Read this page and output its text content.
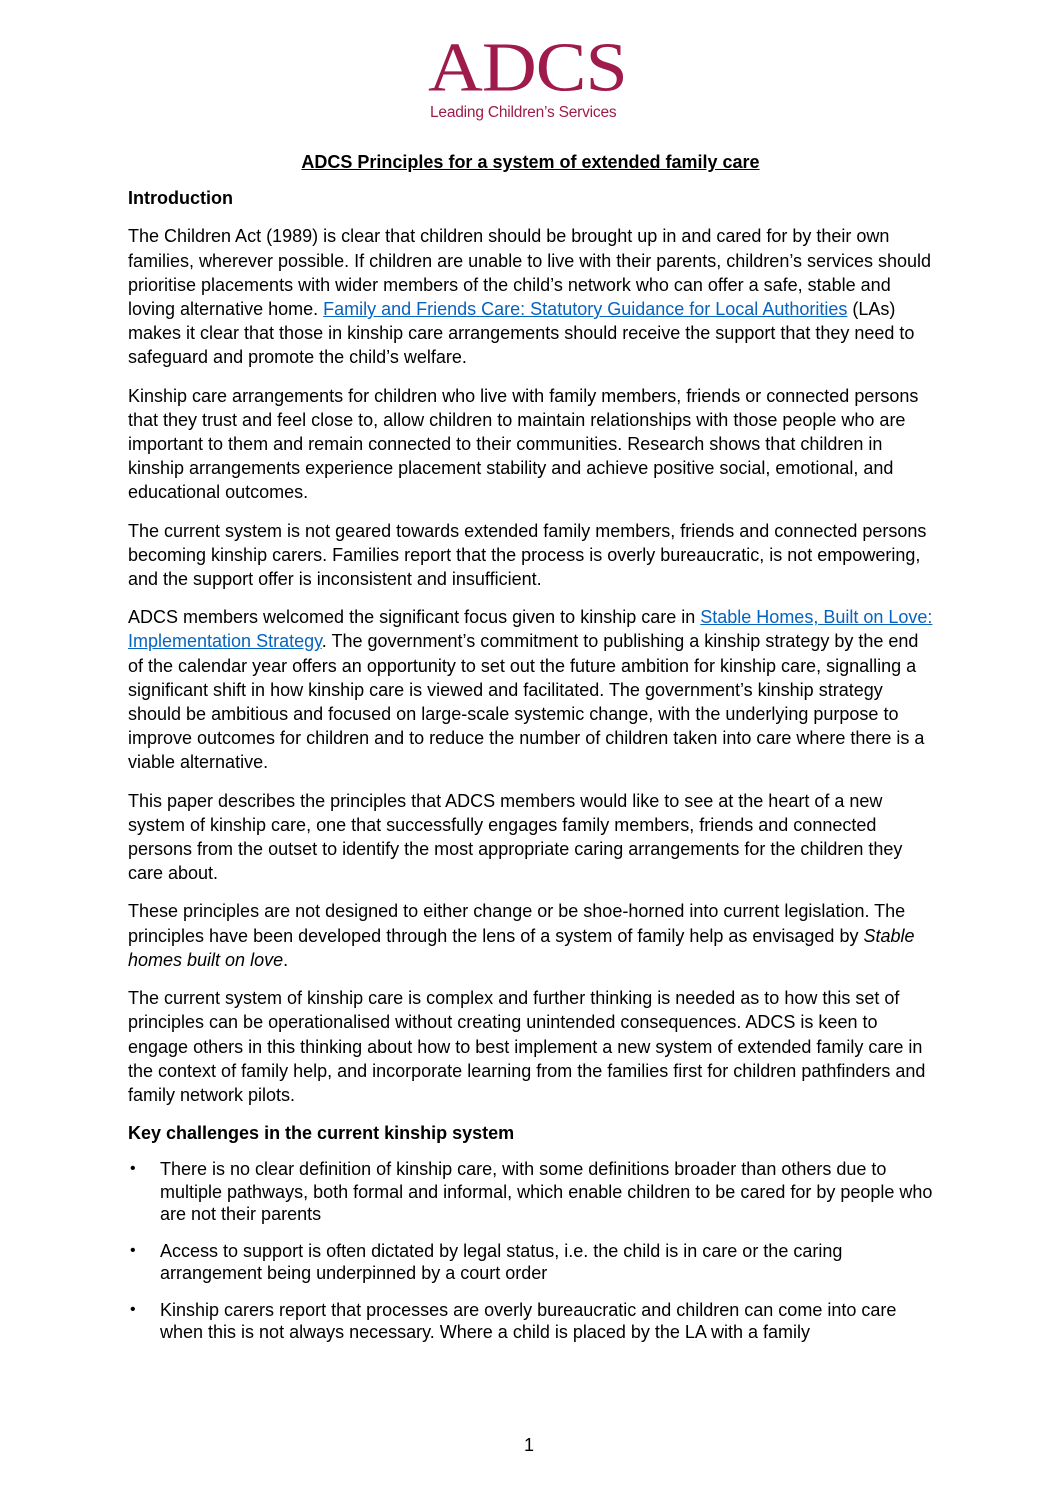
ADCS
Leading Children’s Services
ADCS Principles for a system of extended family care
Introduction

The Children Act (1989) is clear that children should be brought up in and cared for by their own families, wherever possible. If children are unable to live with their parents, children’s services should prioritise placements with wider members of the child’s network who can offer a safe, stable and loving alternative home. Family and Friends Care: Statutory Guidance for Local Authorities (LAs) makes it clear that those in kinship care arrangements should receive the support that they need to safeguard and promote the child’s welfare.

Kinship care arrangements for children who live with family members, friends or connected persons that they trust and feel close to, allow children to maintain relationships with those people who are important to them and remain connected to their communities. Research shows that children in kinship arrangements experience placement stability and achieve positive social, emotional, and educational outcomes.

The current system is not geared towards extended family members, friends and connected persons becoming kinship carers. Families report that the process is overly bureaucratic, is not empowering, and the support offer is inconsistent and insufficient.

ADCS members welcomed the significant focus given to kinship care in Stable Homes, Built on Love: Implementation Strategy. The government’s commitment to publishing a kinship strategy by the end of the calendar year offers an opportunity to set out the future ambition for kinship care, signalling a significant shift in how kinship care is viewed and facilitated. The government’s kinship strategy should be ambitious and focused on large-scale systemic change, with the underlying purpose to improve outcomes for children and to reduce the number of children taken into care where there is a viable alternative.

This paper describes the principles that ADCS members would like to see at the heart of a new system of kinship care, one that successfully engages family members, friends and connected persons from the outset to identify the most appropriate caring arrangements for the children they care about.

These principles are not designed to either change or be shoe-horned into current legislation. The principles have been developed through the lens of a system of family help as envisaged by Stable homes built on love.

The current system of kinship care is complex and further thinking is needed as to how this set of principles can be operationalised without creating unintended consequences. ADCS is keen to engage others in this thinking about how to best implement a new system of extended family care in the context of family help, and incorporate learning from the families first for children pathfinders and family network pilots.

Key challenges in the current kinship system
• There is no clear definition of kinship care, with some definitions broader than others due to multiple pathways, both formal and informal, which enable children to be cared for by people who are not their parents
• Access to support is often dictated by legal status, i.e. the child is in care or the caring arrangement being underpinned by a court order
• Kinship carers report that processes are overly bureaucratic and children can come into care when this is not always necessary. Where a child is placed by the LA with a family
1
